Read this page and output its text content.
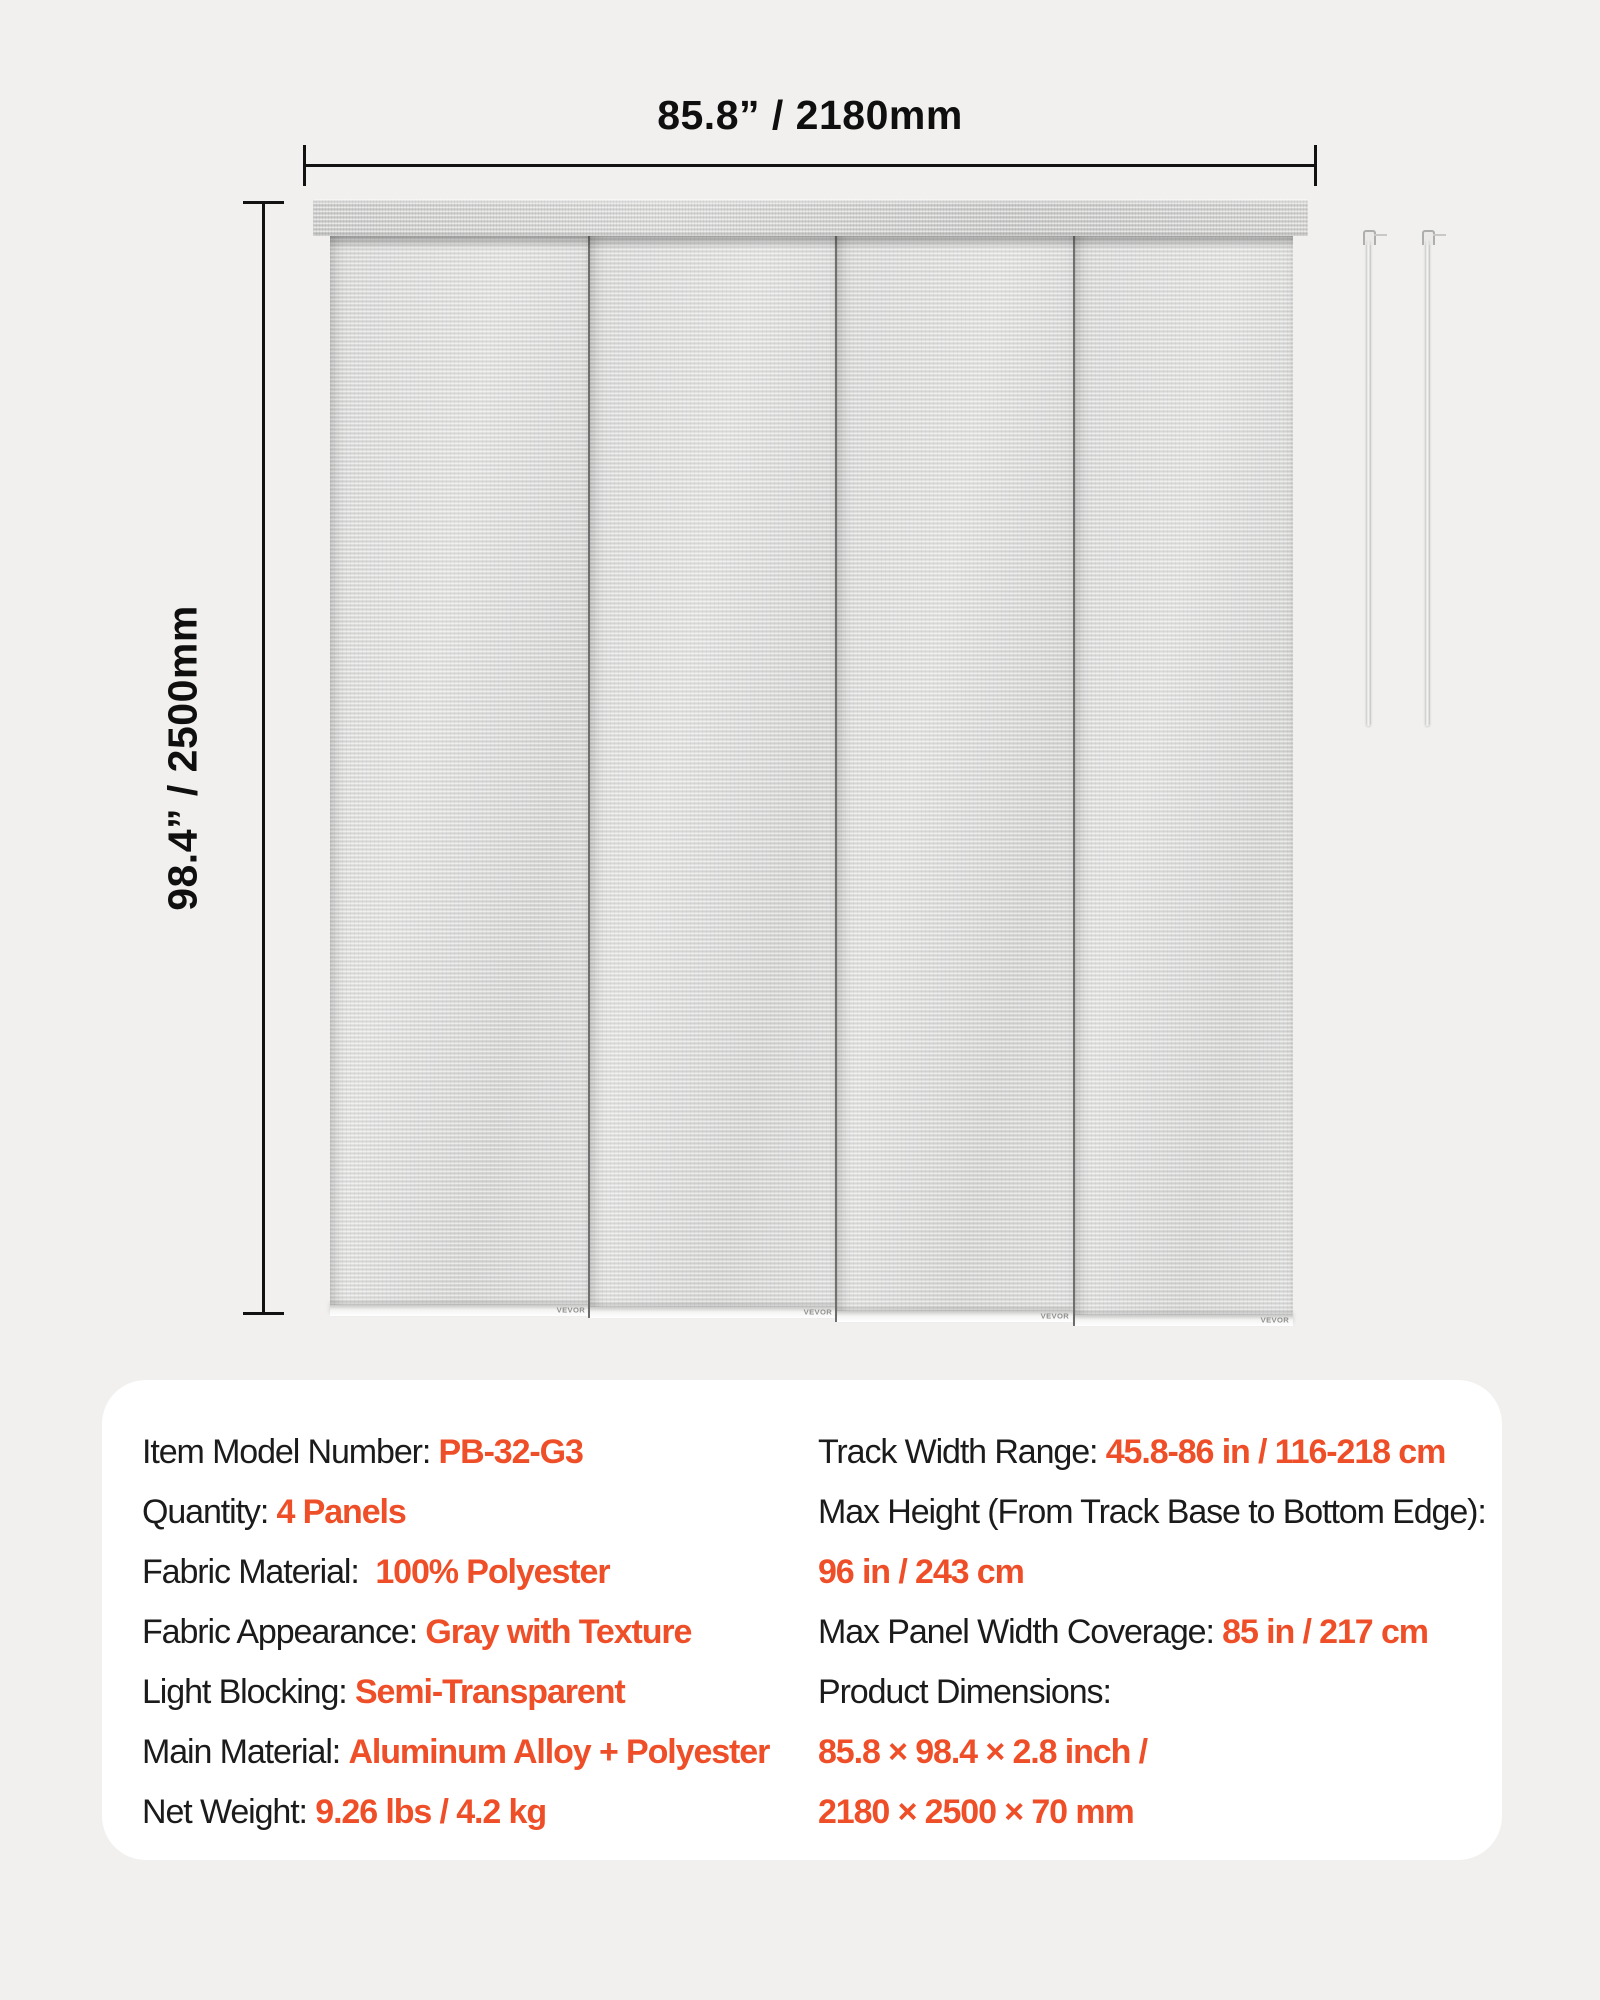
85.8” / 2180mm
98.4” / 2500mm
VEVOR	VEVOR	VEVOR	VEVOR
Item Model Number: PB-32-G3
Quantity: 4 Panels
Fabric Material:  100% Polyester
Fabric Appearance: Gray with Texture
Light Blocking: Semi-Transparent
Main Material: Aluminum Alloy + Polyester
Net Weight: 9.26 lbs / 4.2 kg
Track Width Range: 45.8-86 in / 116-218 cm
Max Height (From Track Base to Bottom Edge):
96 in / 243 cm
Max Panel Width Coverage: 85 in / 217 cm
Product Dimensions:
85.8 × 98.4 × 2.8 inch /
2180 × 2500 × 70 mm
